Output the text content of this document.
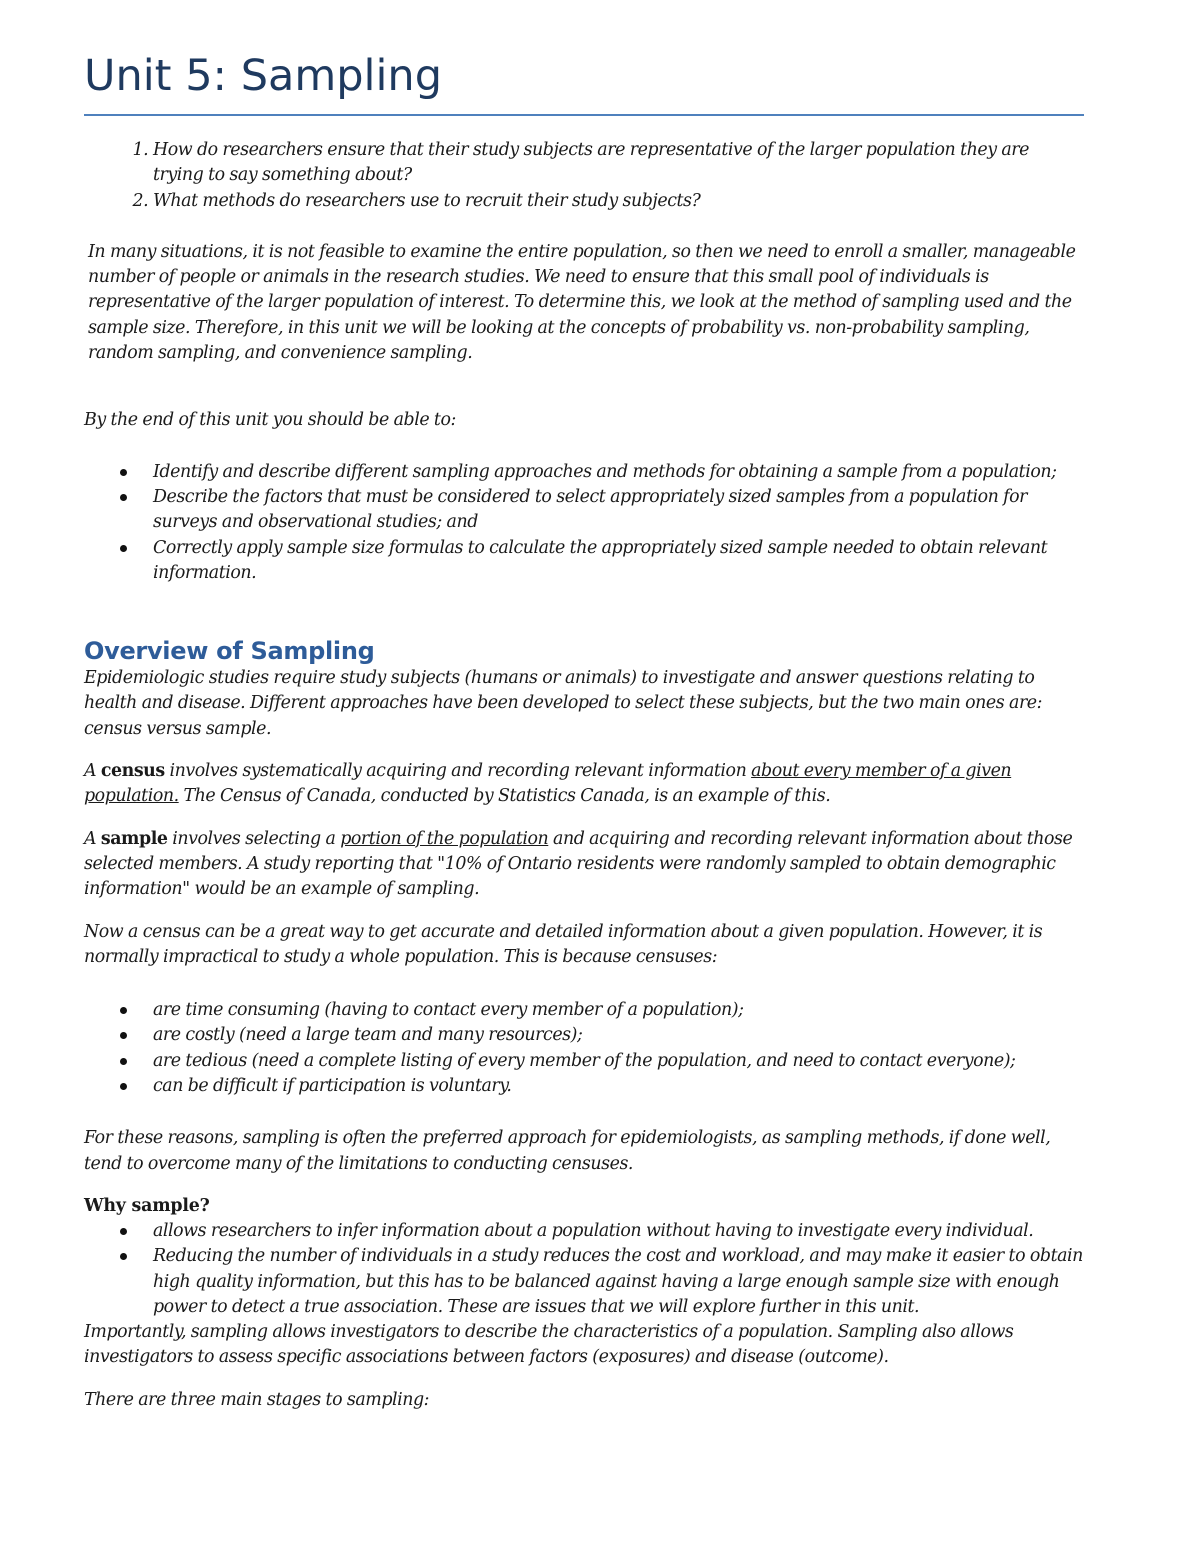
Unit 5: Sampling
1. How do researchers ensure that their study subjects are representative of the larger population they are trying to say something about?
2. What methods do researchers use to recruit their study subjects?

In many situations, it is not feasible to examine the entire population, so then we need to enroll a smaller, manageable number of people or animals in the research studies. We need to ensure that this small pool of individuals is representative of the larger population of interest. To determine this, we look at the method of sampling used and the sample size. Therefore, in this unit we will be looking at the concepts of probability vs. non-probability sampling, random sampling, and convenience sampling.

By the end of this unit you should be able to:

Identify and describe different sampling approaches and methods for obtaining a sample from a population;
Describe the factors that must be considered to select appropriately sized samples from a population for surveys and observational studies; and
Correctly apply sample size formulas to calculate the appropriately sized sample needed to obtain relevant information.
Overview of Sampling

Epidemiologic studies require study subjects (humans or animals) to investigate and answer questions relating to health and disease. Different approaches have been developed to select these subjects, but the two main ones are: census versus sample.

A census involves systematically acquiring and recording relevant information about every member of a given population. The Census of Canada, conducted by Statistics Canada, is an example of this.

A sample involves selecting a portion of the population and acquiring and recording relevant information about those selected members. A study reporting that "10% of Ontario residents were randomly sampled to obtain demographic information" would be an example of sampling.

Now a census can be a great way to get accurate and detailed information about a given population. However, it is normally impractical to study a whole population. This is because censuses:

are time consuming (having to contact every member of a population);
are costly (need a large team and many resources);
are tedious (need a complete listing of every member of the population, and need to contact everyone);
can be difficult if participation is voluntary.

For these reasons, sampling is often the preferred approach for epidemiologists, as sampling methods, if done well, tend to overcome many of the limitations to conducting censuses.

Why sample?

allows researchers to infer information about a population without having to investigate every individual.
Reducing the number of individuals in a study reduces the cost and workload, and may make it easier to obtain high quality information, but this has to be balanced against having a large enough sample size with enough power to detect a true association. These are issues that we will explore further in this unit.

Importantly, sampling allows investigators to describe the characteristics of a population. Sampling also allows investigators to assess specific associations between factors (exposures) and disease (outcome).

There are three main stages to sampling:
